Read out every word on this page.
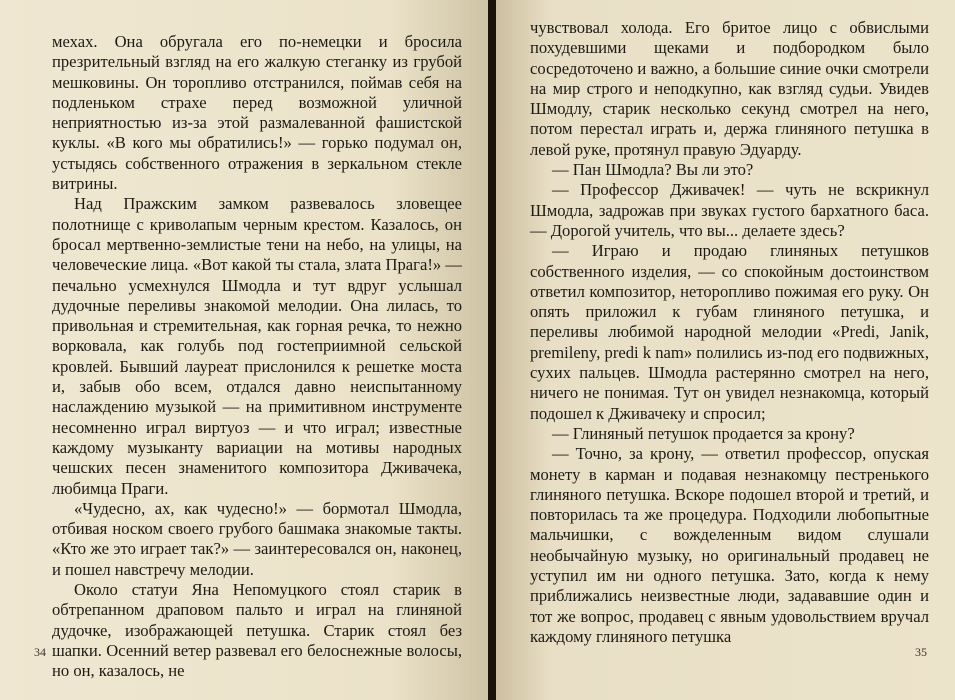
мехах. Она обругала его по-немецки и бросила презрительный взгляд на его жалкую стеганку из грубой мешковины. Он торопливо отстранился, поймав себя на подленьком страхе перед возможной уличной неприятностью из-за этой размалеванной фашистской куклы. «В кого мы обратились!» — горько подумал он, устыдясь собственного отражения в зеркальном стекле витрины.

Над Пражским замком развевалось зловещее полотнище с криволапым черным крестом. Казалось, он бросал мертвенно-землистые тени на небо, на улицы, на человеческие лица. «Вот какой ты стала, злата Прага!» — печально усмехнулся Шмодла и тут вдруг услышал дудочные переливы знакомой мелодии. Она лилась, то привольная и стремительная, как горная речка, то нежно ворковала, как голубь под гостеприимной сельской кровлей. Бывший лауреат прислонился к решетке моста и, забыв обо всем, отдался давно неиспытанному наслаждению музыкой — на примитивном инструменте несомненно играл виртуоз — и что играл; известные каждому музыканту вариации на мотивы народных чешских песен знаменитого композитора Дживачека, любимца Праги.

«Чудесно, ах, как чудесно!» — бормотал Шмодла, отбивая носком своего грубого башмака знакомые такты. «Кто же это играет так?» — заинтересовался он, наконец, и пошел навстречу мелодии.

Около статуи Яна Непомуцкого стоял старик в обтрепанном драповом пальто и играл на глиняной дудочке, изображающей петушка. Старик стоял без шапки. Осенний ветер развевал его белоснежные волосы, но он, казалось, не

34

чувствовал холода. Его бритое лицо с обвислыми похудевшими щеками и подбородком было сосредоточено и важно, а большие синие очки смотрели на мир строго и неподкупно, как взгляд судьи. Увидев Шмодлу, старик несколько секунд смотрел на него, потом перестал играть и, держа глиняного петушка в левой руке, протянул правую Эдуарду.

— Пан Шмодла? Вы ли это?

— Профессор Дживачек! — чуть не вскрикнул Шмодла, задрожав при звуках густого бархатного баса. — Дорогой учитель, что вы... делаете здесь?

— Играю и продаю глиняных петушков собственного изделия, — со спокойным достоинством ответил композитор, неторопливо пожимая его руку. Он опять приложил к губам глиняного петушка, и переливы любимой народной мелодии «Predi, Janik, premileny, predi k nam» полились из-под его подвижных, сухих пальцев. Шмодла растерянно смотрел на него, ничего не понимая. Тут он увидел незнакомца, который подошел к Дживачеку и спросил;

— Глиняный петушок продается за крону?

— Точно, за крону, — ответил профессор, опуская монету в карман и подавая незнакомцу пестренького глиняного петушка. Вскоре подошел второй и третий, и повторилась та же процедура. Подходили любопытные мальчишки, с вожделенным видом слушали необычайную музыку, но оригинальный продавец не уступил им ни одного петушка. Зато, когда к нему приближались неизвестные люди, задававшие один и тот же вопрос, продавец с явным удовольствием вручал каждому глиняного петушка

35
